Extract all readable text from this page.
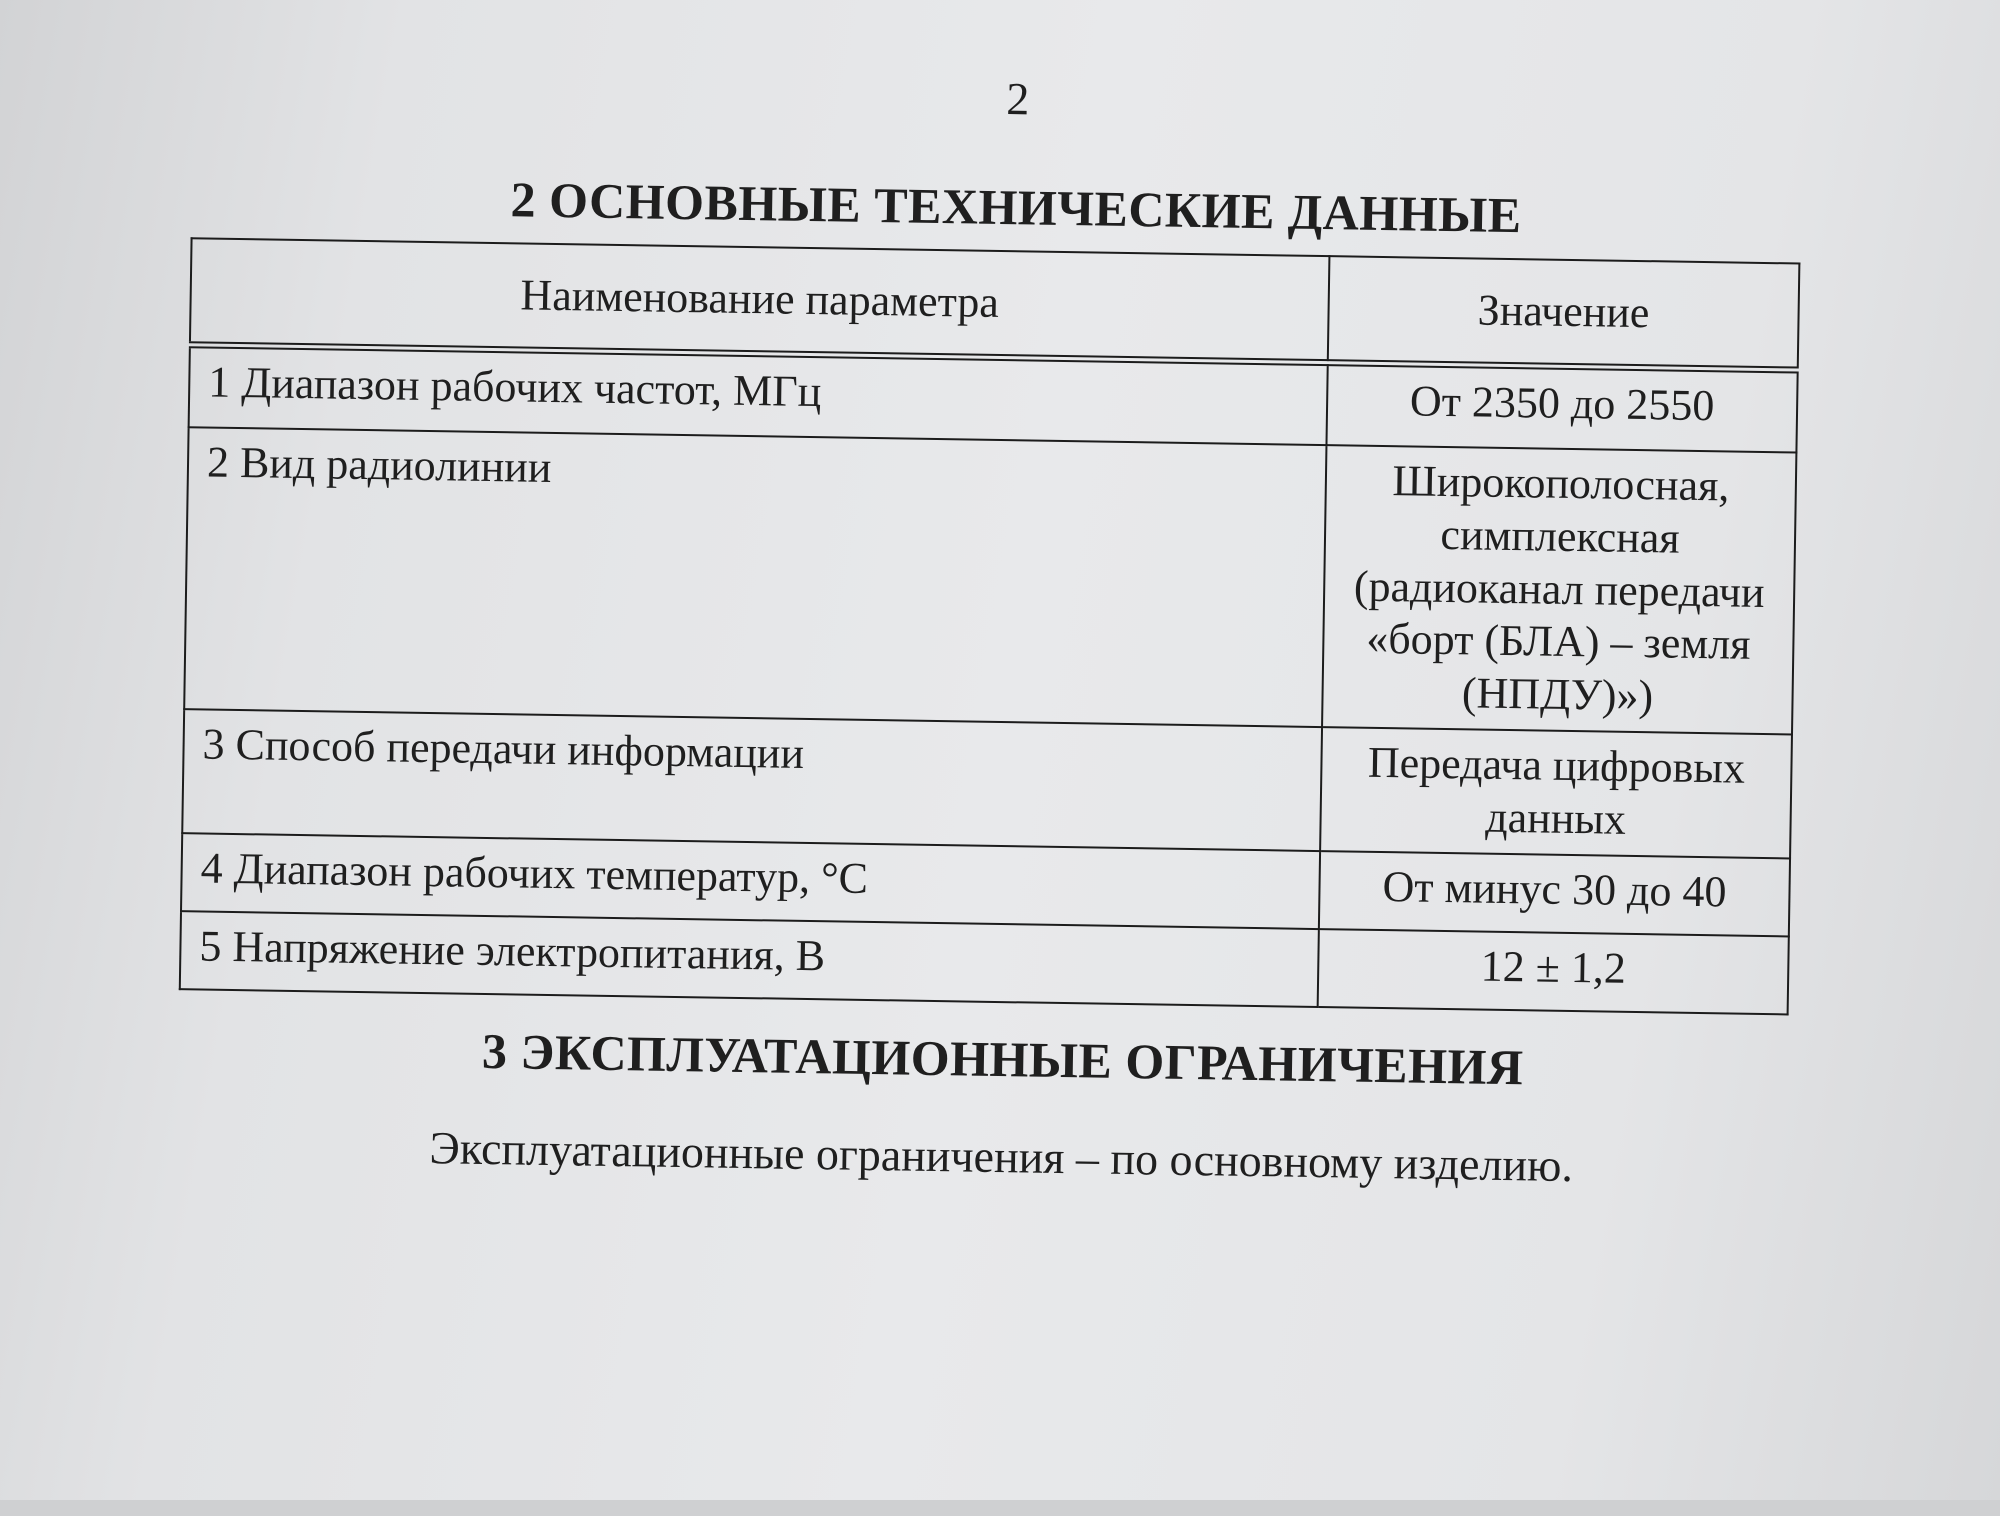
2
2 ОСНОВНЫЕ ТЕХНИЧЕСКИЕ ДАННЫЕ
Наименование параметра	Значение
1 Диапазон рабочих частот, МГц	От 2350 до 2550

2 Вид радиолинии	Широкополосная,
симплексная
(радиоканал передачи
«борт (БЛА) – земля
(НПДУ)»)

3 Способ передачи информации	Передача цифровых
данных

4 Диапазон рабочих температур, °С	От минус 30 до 40

5 Напряжение электропитания, В	12 ± 1,2
3 ЭКСПЛУАТАЦИОННЫЕ ОГРАНИЧЕНИЯ
Эксплуатационные ограничения – по основному изделию.
